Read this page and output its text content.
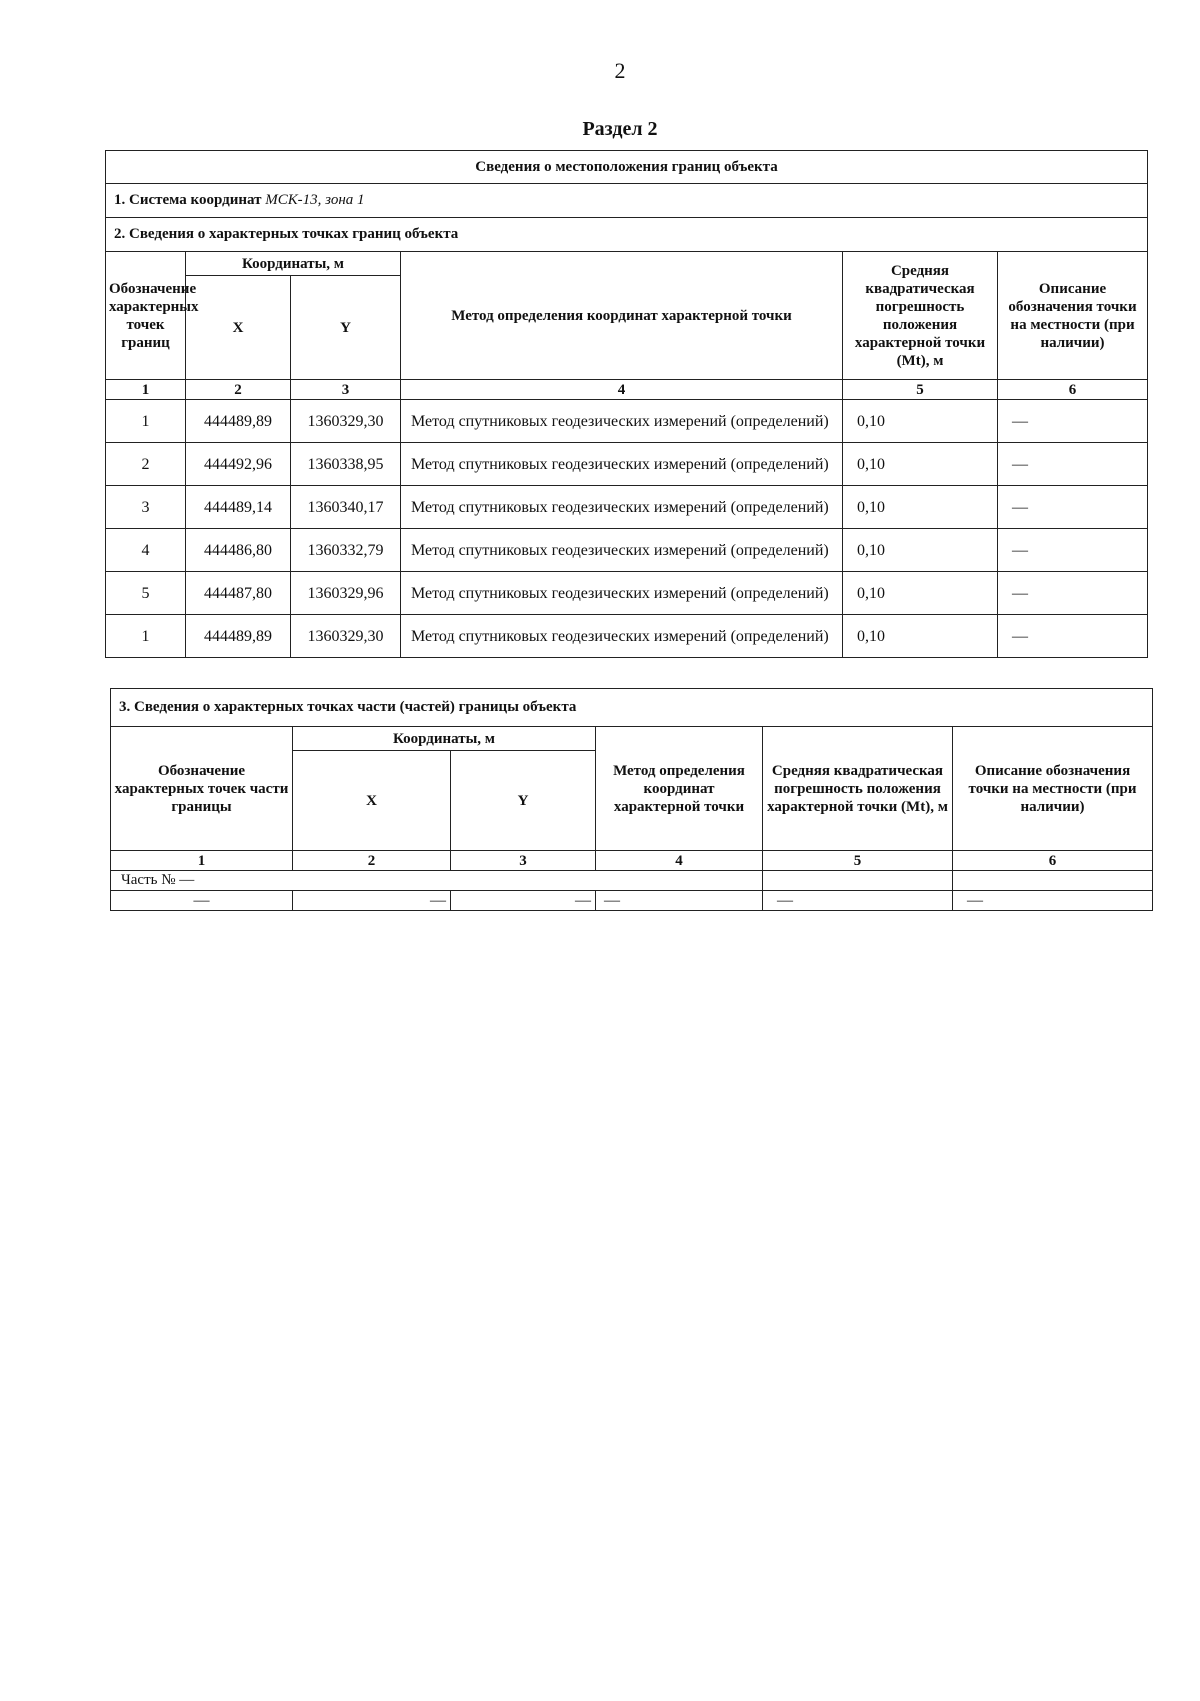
2
Раздел 2
Сведения о местоположения границ объекта					
1. Система координат МСК-13, зона 1					
2. Сведения о характерных точках границ объекта					
Обозначение характерных точек границ	Координаты, м		Метод определения координат характерной точки	Средняя квадратическая погрешность положения характерной точки (Mt), м	Описание обозначения точки на местности (при наличии)
	X	Y			
1	2	3	4	5	6
1	444489,89	1360329,30	Метод спутниковых геодезических измерений (определений)	0,10	—
2	444492,96	1360338,95	Метод спутниковых геодезических измерений (определений)	0,10	—
3	444489,14	1360340,17	Метод спутниковых геодезических измерений (определений)	0,10	—
4	444486,80	1360332,79	Метод спутниковых геодезических измерений (определений)	0,10	—
5	444487,80	1360329,96	Метод спутниковых геодезических измерений (определений)	0,10	—
1	444489,89	1360329,30	Метод спутниковых геодезических измерений (определений)	0,10	—
3. Сведения о характерных точках части (частей) границы объекта					
Обозначение характерных точек части границы	Координаты, м		Метод определения координат характерной точки	Средняя квадратическая погрешность положения характерной точки (Mt), м	Описание обозначения точки на местности (при наличии)
	X	Y			
1	2	3	4	5	6
Часть № —					
—	—	—	—	—	—
